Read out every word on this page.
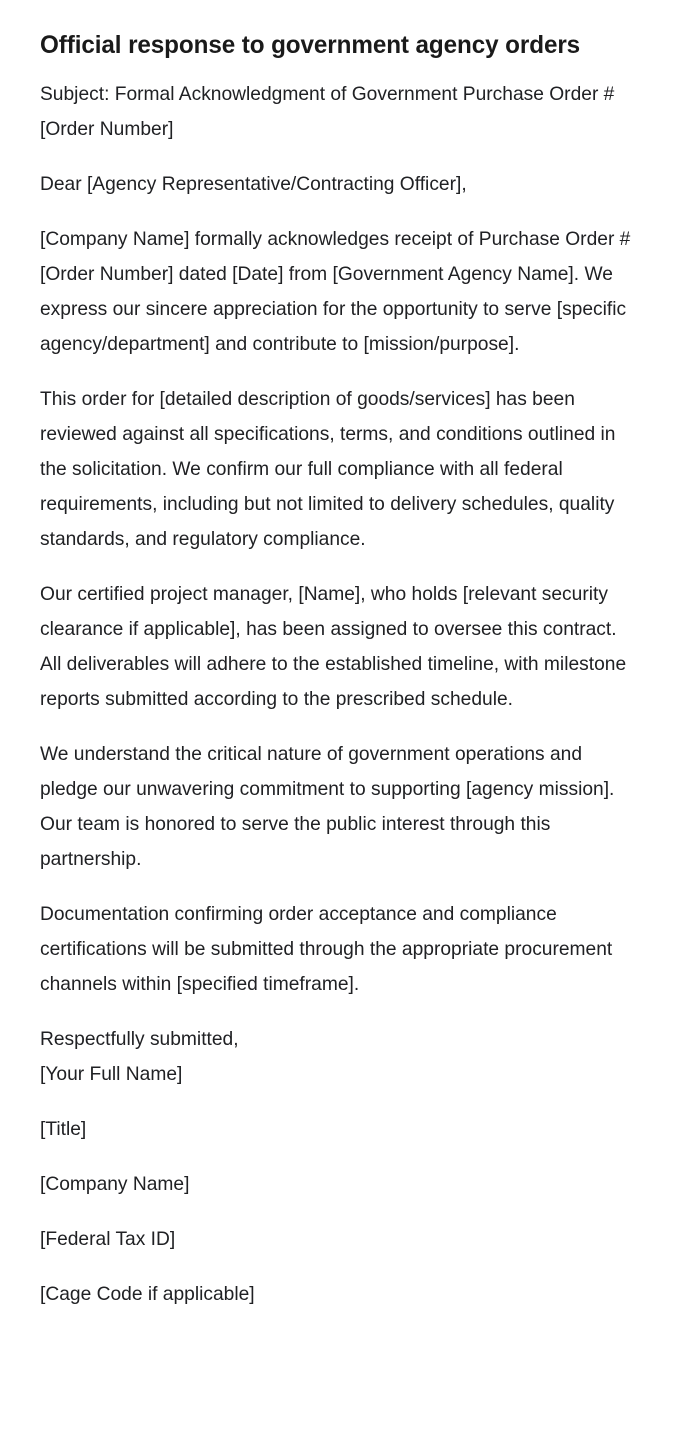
Official response to government agency orders

Subject: Formal Acknowledgment of Government Purchase Order #[Order Number]

Dear [Agency Representative/Contracting Officer],

[Company Name] formally acknowledges receipt of Purchase Order #[Order Number] dated [Date] from [Government Agency Name]. We express our sincere appreciation for the opportunity to serve [specific agency/department] and contribute to [mission/purpose].

This order for [detailed description of goods/services] has been reviewed against all specifications, terms, and conditions outlined in the solicitation. We confirm our full compliance with all federal requirements, including but not limited to delivery schedules, quality standards, and regulatory compliance.

Our certified project manager, [Name], who holds [relevant security clearance if applicable], has been assigned to oversee this contract. All deliverables will adhere to the established timeline, with milestone reports submitted according to the prescribed schedule.

We understand the critical nature of government operations and pledge our unwavering commitment to supporting [agency mission]. Our team is honored to serve the public interest through this partnership.

Documentation confirming order acceptance and compliance certifications will be submitted through the appropriate procurement channels within [specified timeframe].

Respectfully submitted,

[Your Full Name]

[Title]

[Company Name]

[Federal Tax ID]

[Cage Code if applicable]
